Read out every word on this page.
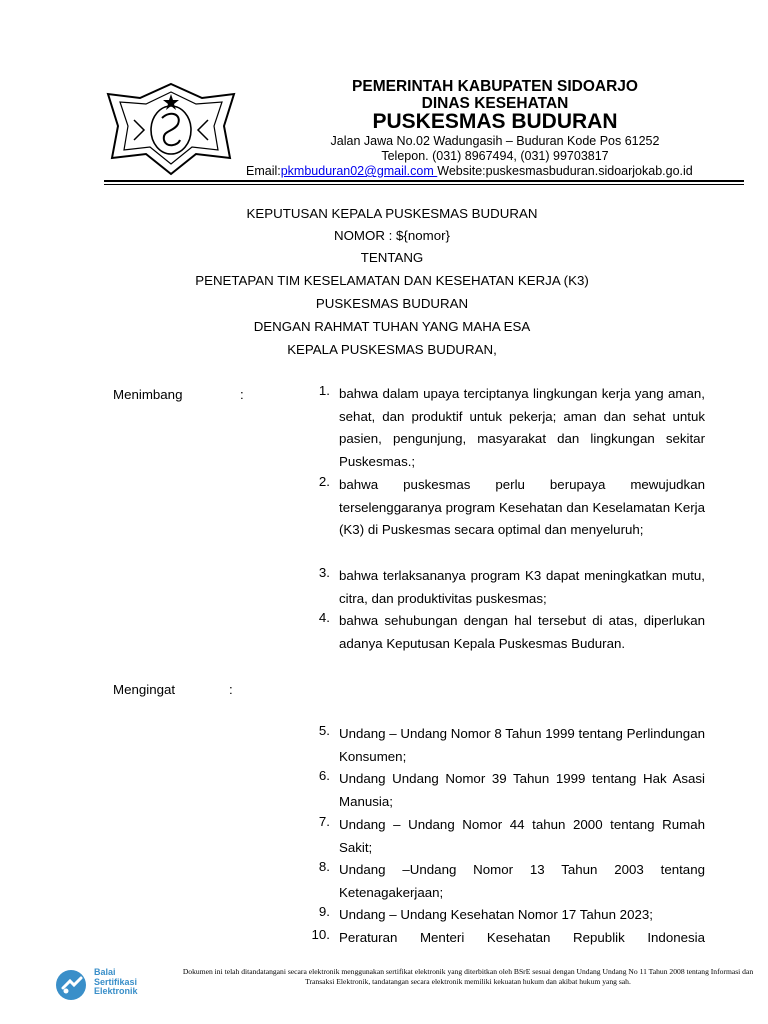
PEMERINTAH KABUPATEN SIDOARJO
DINAS KESEHATAN
PUSKESMAS BUDURAN
Jalan Jawa No.02 Wadungasih – Buduran Kode Pos 61252
Telepon. (031) 8967494, (031) 99703817
Email:pkmbuduran02@gmail.com Website:puskesmasbuduran.sidoarjokab.go.id
KEPUTUSAN KEPALA PUSKESMAS BUDURAN
NOMOR : ${nomor}
TENTANG
PENETAPAN TIM KESELAMATAN DAN KESEHATAN KERJA (K3)
PUSKESMAS BUDURAN
DENGAN RAHMAT TUHAN YANG MAHA ESA
KEPALA PUSKESMAS BUDURAN,
Menimbang	:	1. bahwa dalam upaya terciptanya lingkungan kerja yang aman, sehat, dan produktif untuk pekerja; aman dan sehat untuk pasien, pengunjung, masyarakat dan lingkungan sekitar Puskesmas.;
2. bahwa puskesmas perlu berupaya mewujudkan terselenggaranya program Kesehatan dan Keselamatan Kerja (K3) di Puskesmas secara optimal dan menyeluruh;
3. bahwa terlaksananya program K3 dapat meningkatkan mutu, citra, dan produktivitas puskesmas;
4. bahwa sehubungan dengan hal tersebut di atas, diperlukan adanya Keputusan Kepala Puskesmas Buduran.
Mengingat	:
5. Undang – Undang Nomor 8 Tahun 1999 tentang Perlindungan Konsumen;
6. Undang Undang Nomor 39 Tahun 1999 tentang Hak Asasi Manusia;
7. Undang – Undang Nomor 44 tahun 2000 tentang Rumah Sakit;
8. Undang –Undang Nomor 13 Tahun 2003 tentang Ketenagakerjaan;
9. Undang – Undang Kesehatan Nomor 17 Tahun 2023;
10. Peraturan Menteri Kesehatan Republik Indonesia
Balai
Sertifikasi
Elektronik
Dokumen ini telah ditandatangani secara elektronik menggunakan sertifikat elektronik yang diterbitkan oleh BSrE sesuai dengan Undang Undang No 11 Tahun 2008 tentang Informasi dan Transaksi Elektronik, tandatangan secara elektronik memiliki kekuatan hukum dan akibat hukum yang sah.
